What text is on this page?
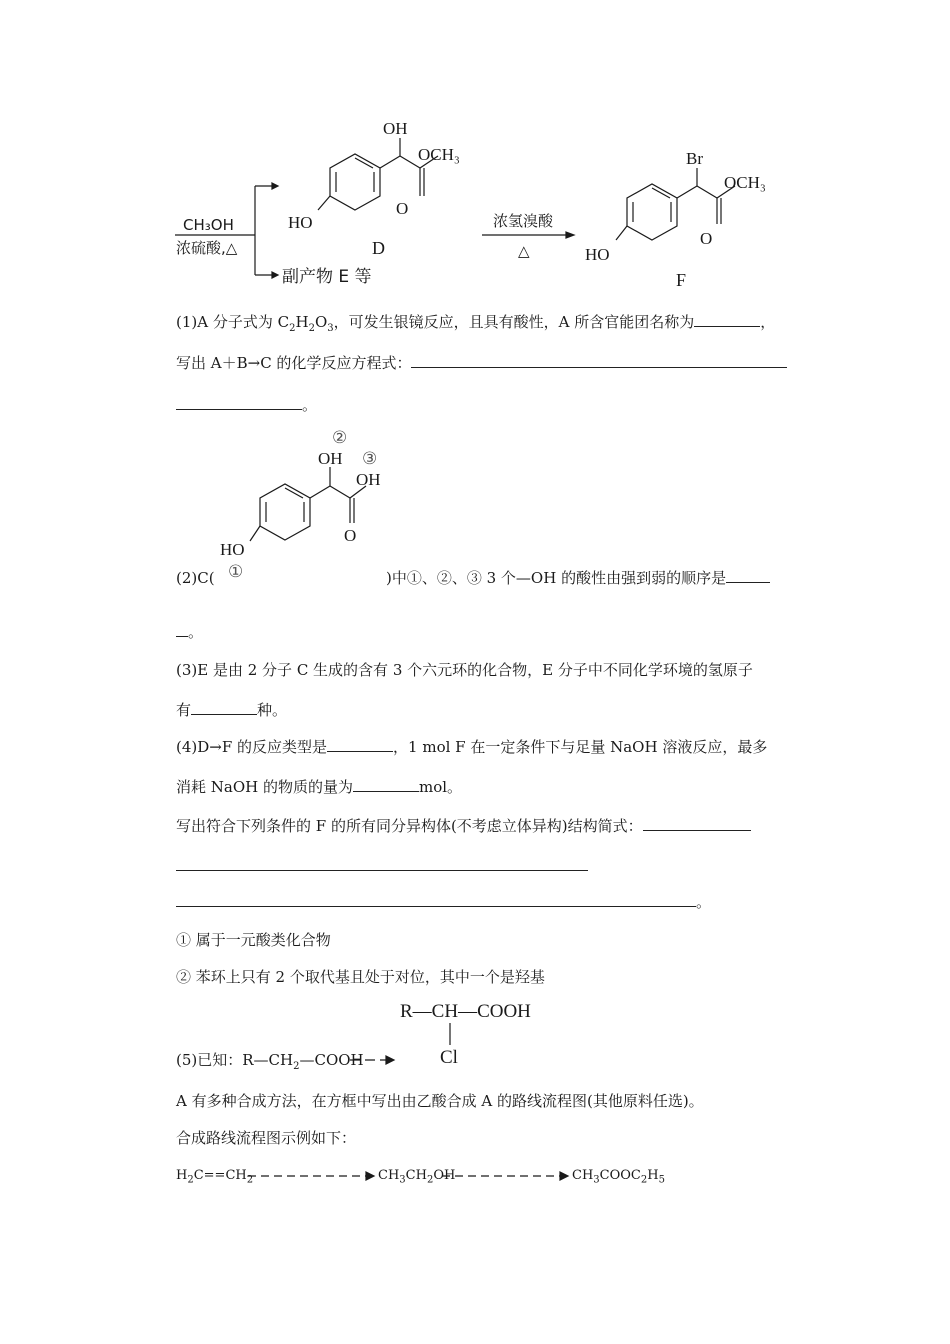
CH₃OH
浓硫酸,△
副产物 E 等
OH
OCH₃
O
HO
D
浓氢溴酸
△
Br
OCH₃
O
HO
F
(1)A 分子式为 $C_2H_2O_3$，可发生银镜反应，且具有酸性，A 所含官能团名称为	，
写出 A＋B→C 的化学反应方程式：
。
OH
OH
O
HO
②
③
①
(2)C(	)中①、②、③ 3 个—OH 的酸性由强到弱的顺序是
。
(3)E 是由 2 分子 C 生成的含有 3 个六元环的化合物，E 分子中不同化学环境的氢原子
有	种。
(4)D→F 的反应类型是	，1 mol F 在一定条件下与足量 NaOH 溶液反应，最多
消耗 NaOH 的物质的量为	mol。
写出符合下列条件的 F 的所有同分异构体(不考虑立体异构)结构简式：
。
① 属于一元酸类化合物
② 苯环上只有 2 个取代基且处于对位，其中一个是羟基
R—CH—COOH
Cl
(5)已知：$R—CH_2—COOH$
A 有多种合成方法，在方框中写出由乙酸合成 A 的路线流程图(其他原料任选)。
合成路线流程图示例如下：
$H_2C==CH_2$	$CH_3CH_2OH$	$CH_3COOC_2H_5$
